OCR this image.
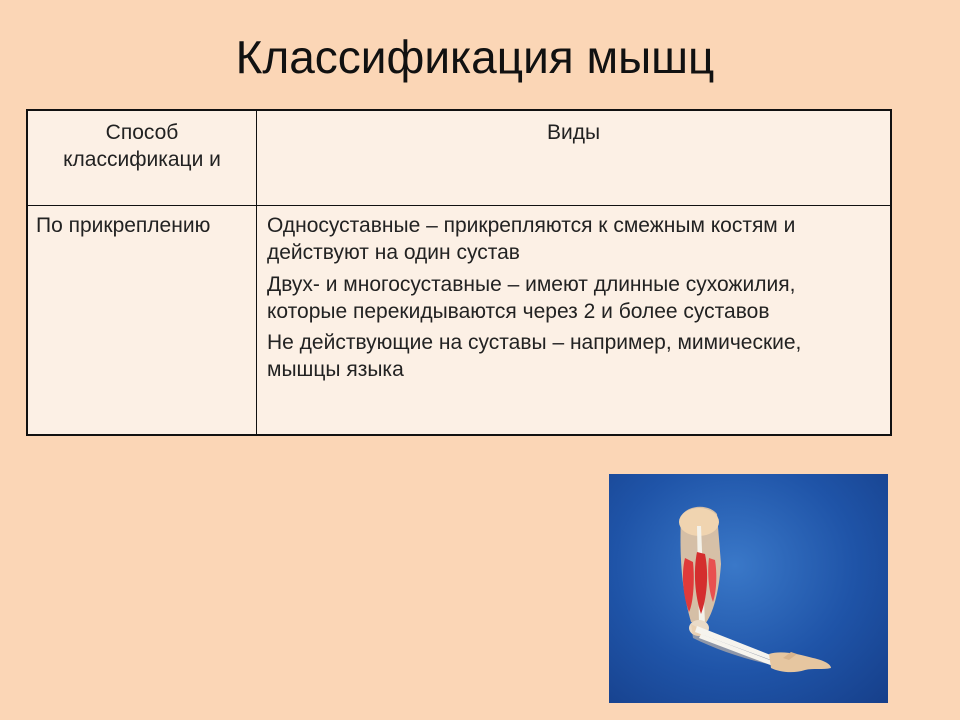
Классификация мышц
Способ классификаци и	Виды
По прикреплению	Односуставные – прикрепляются к смежным костям и действуют на один сустав
Двух- и многосуставные – имеют длинные сухожилия, которые перекидываются через 2 и более суставов
Не действующие на суставы – например, мимические, мышцы языка
